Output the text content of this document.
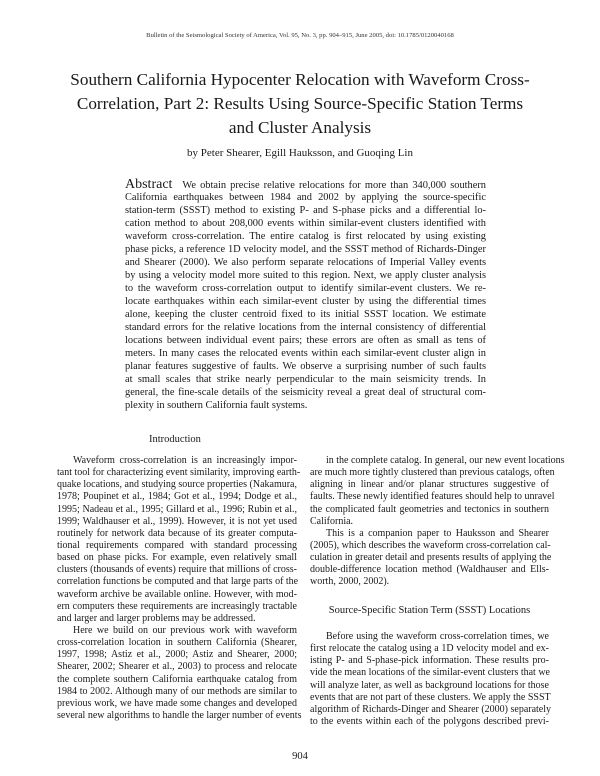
Bulletin of the Seismological Society of America, Vol. 95, No. 3, pp. 904–915, June 2005, doi: 10.1785/0120040168
Southern California Hypocenter Relocation with Waveform Cross-
Correlation, Part 2: Results Using Source-Specific Station Terms
and Cluster Analysis
by Peter Shearer, Egill Hauksson, and Guoqing Lin
Abstract We obtain precise relative relocations for more than 340,000 southern
California earthquakes between 1984 and 2002 by applying the source-specific
station-term (SSST) method to existing P- and S-phase picks and a differential lo-
cation method to about 208,000 events within similar-event clusters identified with
waveform cross-correlation. The entire catalog is first relocated by using existing
phase picks, a reference 1D velocity model, and the SSST method of Richards-Dinger
and Shearer (2000). We also perform separate relocations of Imperial Valley events
by using a velocity model more suited to this region. Next, we apply cluster analysis
to the waveform cross-correlation output to identify similar-event clusters. We re-
locate earthquakes within each similar-event cluster by using the differential times
alone, keeping the cluster centroid fixed to its initial SSST location. We estimate
standard errors for the relative locations from the internal consistency of differential
locations between individual event pairs; these errors are often as small as tens of
meters. In many cases the relocated events within each similar-event cluster align in
planar features suggestive of faults. We observe a surprising number of such faults
at small scales that strike nearly perpendicular to the main seismicity trends. In
general, the fine-scale details of the seismicity reveal a great deal of structural com-
plexity in southern California fault systems.
Introduction
Waveform cross-correlation is an increasingly impor-
tant tool for characterizing event similarity, improving earth-
quake locations, and studying source properties (Nakamura,
1978; Poupinet et al., 1984; Got et al., 1994; Dodge et al.,
1995; Nadeau et al., 1995; Gillard et al., 1996; Rubin et al.,
1999; Waldhauser et al., 1999). However, it is not yet used
routinely for network data because of its greater computa-
tional requirements compared with standard processing
based on phase picks. For example, even relatively small
clusters (thousands of events) require that millions of cross-
correlation functions be computed and that large parts of the
waveform archive be available online. However, with mod-
ern computers these requirements are increasingly tractable
and larger and larger problems may be addressed.
Here we build on our previous work with waveform
cross-correlation location in southern California (Shearer,
1997, 1998; Astiz et al., 2000; Astiz and Shearer, 2000;
Shearer, 2002; Shearer et al., 2003) to process and relocate
the complete southern California earthquake catalog from
1984 to 2002. Although many of our methods are similar to
previous work, we have made some changes and developed
several new algorithms to handle the larger number of events
in the complete catalog. In general, our new event locations
are much more tightly clustered than previous catalogs, often
aligning in linear and/or planar structures suggestive of
faults. These newly identified features should help to unravel
the complicated fault geometries and tectonics in southern
California.
This is a companion paper to Hauksson and Shearer
(2005), which describes the waveform cross-correlation cal-
culation in greater detail and presents results of applying the
double-difference location method (Waldhauser and Ells-
worth, 2000, 2002).
Source-Specific Station Term (SSST) Locations
Before using the waveform cross-correlation times, we
first relocate the catalog using a 1D velocity model and ex-
isting P- and S-phase-pick information. These results pro-
vide the mean locations of the similar-event clusters that we
will analyze later, as well as background locations for those
events that are not part of these clusters. We apply the SSST
algorithm of Richards-Dinger and Shearer (2000) separately
to the events within each of the polygons described previ-
904
